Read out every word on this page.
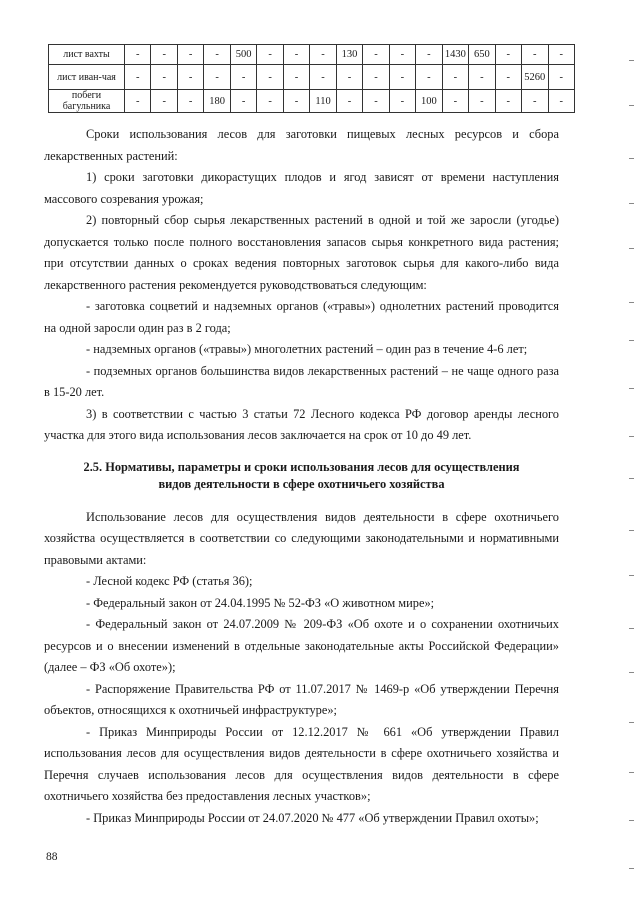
лист вахты	-	-	-	-	500	-	-	-	130	-	-	-	1430	650	-	-	-
лист иван-чая	-	-	-	-	-	-	-	-	-	-	-	-	-	-	-	5260	-
побеги багульника	-	-	-	180	-	-	-	110	-	-	-	100	-	-	-	-	-

Сроки использования лесов для заготовки пищевых лесных ресурсов и сбора лекарственных растений:

1) сроки заготовки дикорастущих плодов и ягод зависят от времени наступления массового созревания урожая;

2) повторный сбор сырья лекарственных растений в одной и той же заросли (угодье) допускается только после полного восстановления запасов сырья конкретного вида растения; при отсутствии данных о сроках ведения повторных заготовок сырья для какого-либо вида лекарственного растения рекомендуется руководствоваться следующим:

- заготовка соцветий и надземных органов («травы») однолетних растений проводится на одной заросли один раз в 2 года;

- надземных органов («травы») многолетних растений – один раз в течение 4-6 лет;

- подземных органов большинства видов лекарственных растений – не чаще одного раза в 15-20 лет.

3) в соответствии с частью 3 статьи 72 Лесного кодекса РФ договор аренды лесного участка для этого вида использования лесов заключается на срок от 10 до 49 лет.

2.5. Нормативы, параметры и сроки использования лесов для осуществления
видов деятельности в сфере охотничьего хозяйства

Использование лесов для осуществления видов деятельности в сфере охотничьего хозяйства осуществляется в соответствии со следующими законодательными и нормативными правовыми актами:

- Лесной кодекс РФ (статья 36);

- Федеральный закон от 24.04.1995 № 52-ФЗ «О животном мире»;

- Федеральный закон от 24.07.2009 № 209-ФЗ «Об охоте и о сохранении охотничьих ресурсов и о внесении изменений в отдельные законодательные акты Российской Федерации» (далее – ФЗ «Об охоте»);

- Распоряжение Правительства РФ от 11.07.2017 № 1469-р «Об утверждении Перечня объектов, относящихся к охотничьей инфраструктуре»;

- Приказ Минприроды России от 12.12.2017 № 661 «Об утверждении Правил использования лесов для осуществления видов деятельности в сфере охотничьего хозяйства и Перечня случаев использования лесов для осуществления видов деятельности в сфере охотничьего хозяйства без предоставления лесных участков»;

- Приказ Минприроды России от 24.07.2020 № 477 «Об утверждении Правил охоты»;

88
